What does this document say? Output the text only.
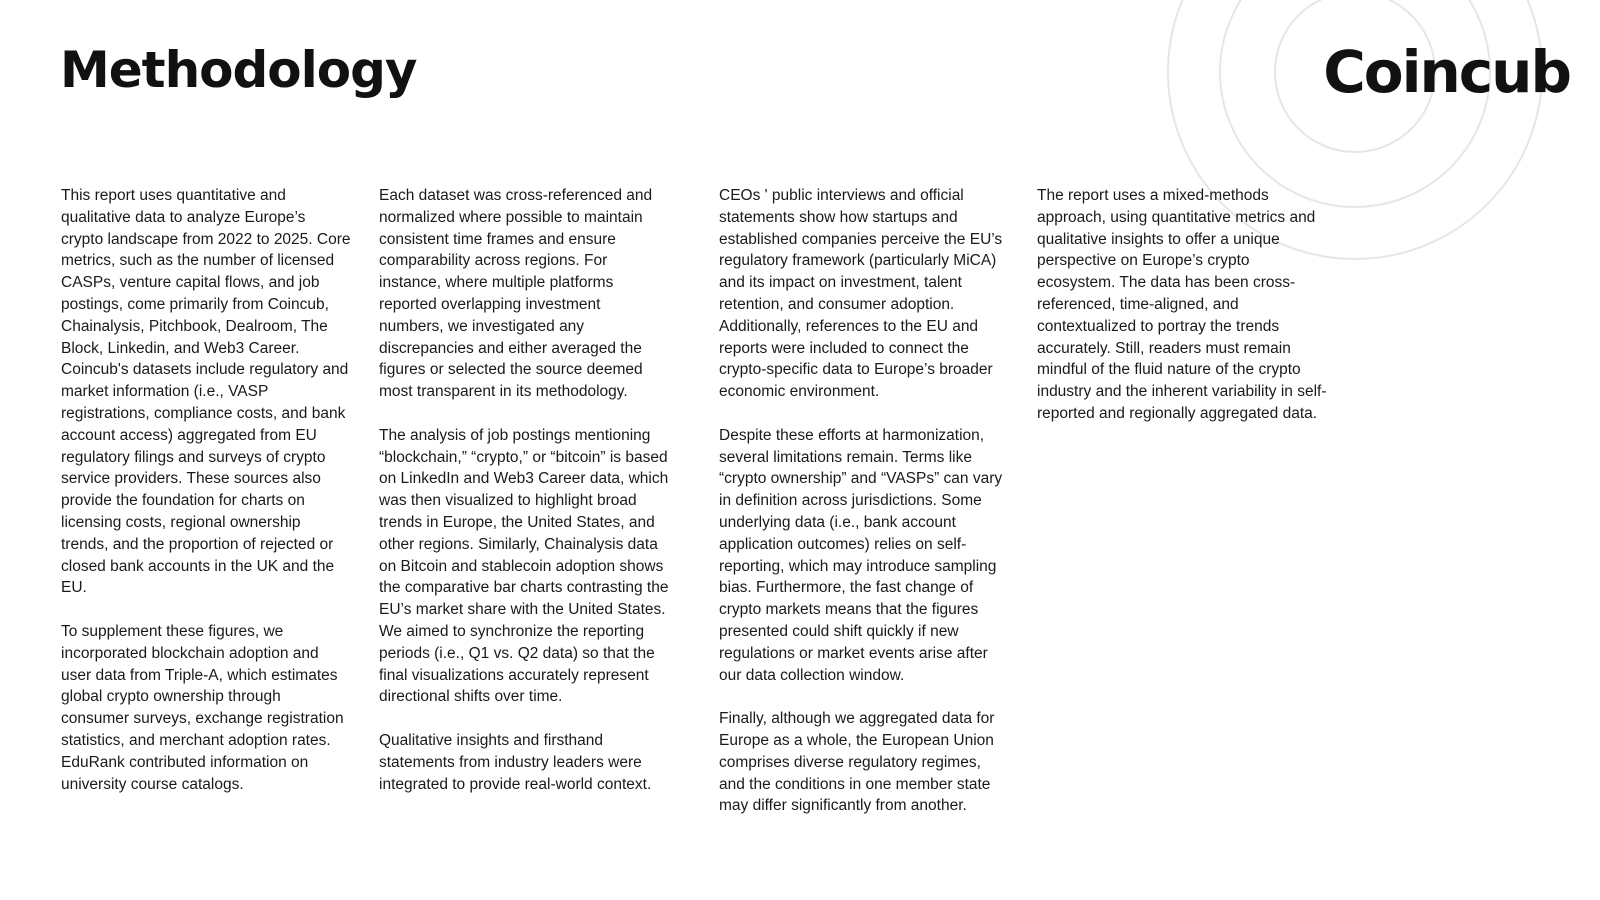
Methodology	Coincub

This report uses quantitative and qualitative data to analyze Europe’s crypto landscape from 2022 to 2025. Core metrics, such as the number of licensed CASPs, venture capital flows, and job postings, come primarily from Coincub, Chainalysis, Pitchbook, Dealroom, The Block, Linkedin, and Web3 Career. Coincub's datasets include regulatory and market information (i.e., VASP registrations, compliance costs, and bank account access) aggregated from EU regulatory filings and surveys of crypto service providers. These sources also provide the foundation for charts on licensing costs, regional ownership trends, and the proportion of rejected or closed bank accounts in the UK and the EU.

To supplement these figures, we incorporated blockchain adoption and user data from Triple-A, which estimates global crypto ownership through consumer surveys, exchange registration statistics, and merchant adoption rates. EduRank contributed information on university course catalogs.

Each dataset was cross-referenced and normalized where possible to maintain consistent time frames and ensure comparability across regions. For instance, where multiple platforms reported overlapping investment numbers, we investigated any discrepancies and either averaged the figures or selected the source deemed most transparent in its methodology.

The analysis of job postings mentioning “blockchain,” “crypto,” or “bitcoin” is based on LinkedIn and Web3 Career data, which was then visualized to highlight broad trends in Europe, the United States, and other regions. Similarly, Chainalysis data on Bitcoin and stablecoin adoption shows the comparative bar charts contrasting the EU’s market share with the United States. We aimed to synchronize the reporting periods (i.e., Q1 vs. Q2 data) so that the final visualizations accurately represent directional shifts over time.

Qualitative insights and firsthand statements from industry leaders were integrated to provide real-world context.

CEOs ' public interviews and official statements show how startups and established companies perceive the EU’s regulatory framework (particularly MiCA) and its impact on investment, talent retention, and consumer adoption. Additionally, references to the EU and reports were included to connect the crypto-specific data to Europe’s broader economic environment.

Despite these efforts at harmonization, several limitations remain. Terms like “crypto ownership” and “VASPs” can vary in definition across jurisdictions. Some underlying data (i.e., bank account application outcomes) relies on self-reporting, which may introduce sampling bias. Furthermore, the fast change of crypto markets means that the figures presented could shift quickly if new regulations or market events arise after our data collection window.

Finally, although we aggregated data for Europe as a whole, the European Union comprises diverse regulatory regimes, and the conditions in one member state may differ significantly from another.

The report uses a mixed-methods approach, using quantitative metrics and qualitative insights to offer a unique perspective on Europe’s crypto ecosystem. The data has been cross-referenced, time-aligned, and contextualized to portray the trends accurately. Still, readers must remain mindful of the fluid nature of the crypto industry and the inherent variability in self-reported and regionally aggregated data.
